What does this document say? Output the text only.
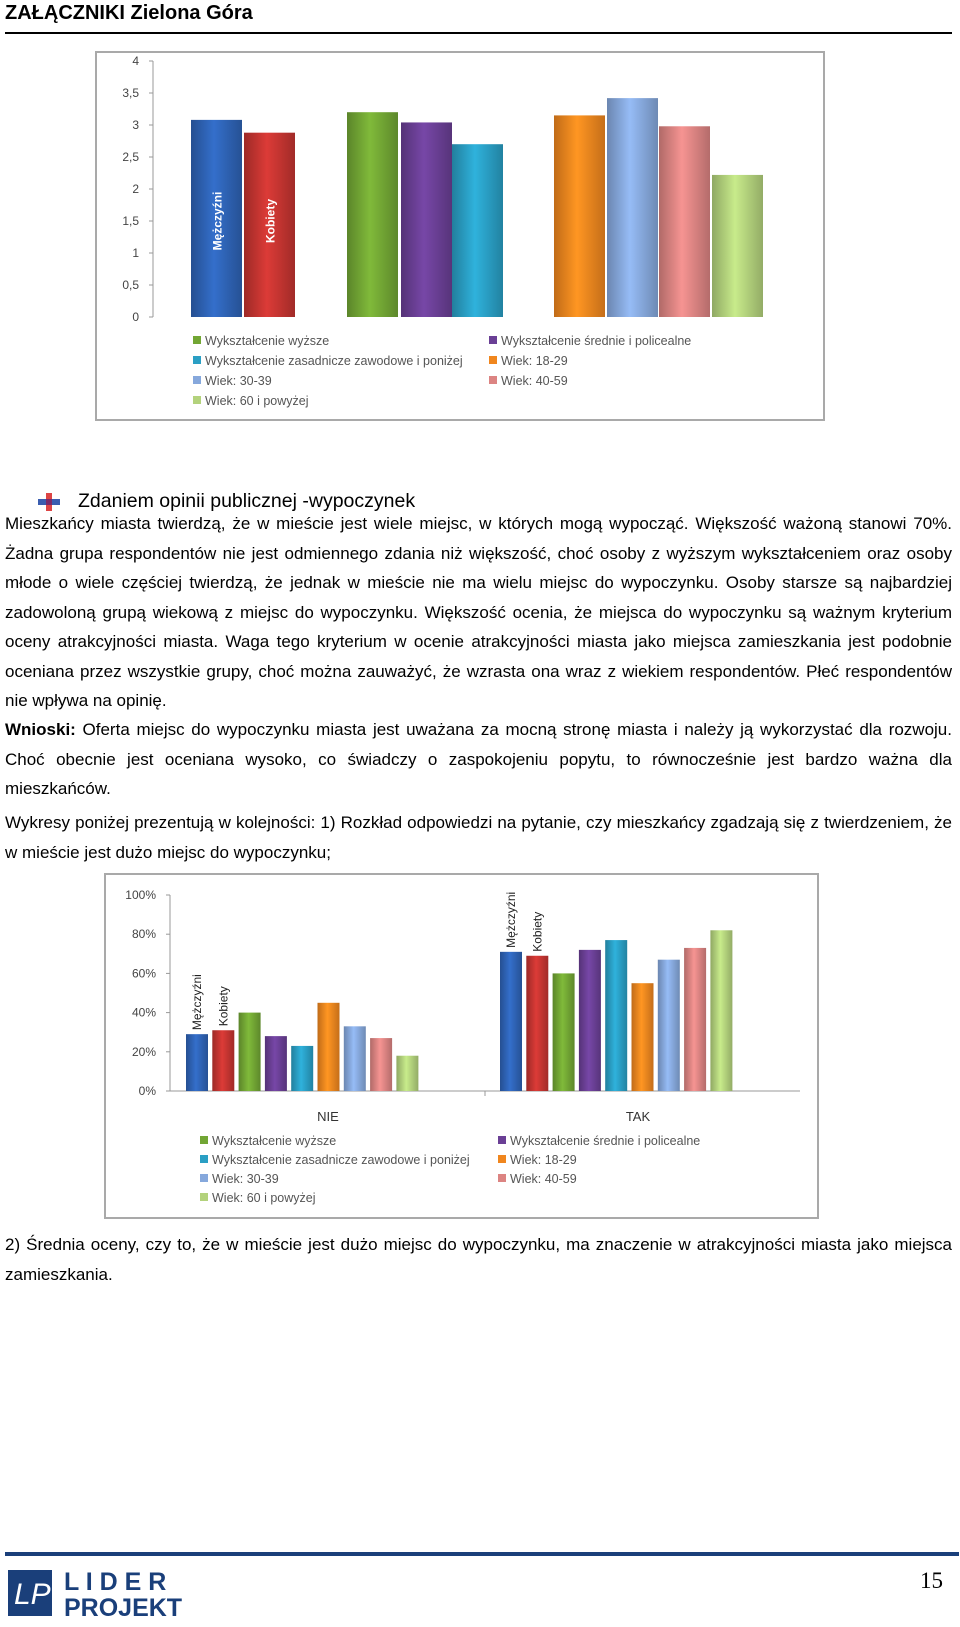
ZAŁĄCZNIKI Zielona Góra
0
0,5
1
1,5
2
2,5
3
3,5
4
Mężczyźni	Kobiety
Wykształcenie wyższe	Wykształcenie średnie i policealne
Wykształcenie zasadnicze zawodowe i poniżej	Wiek: 18-29
Wiek: 30-39	Wiek: 40-59
Wiek: 60 i powyżej
Zdaniem opinii publicznej -wypoczynek
Mieszkańcy miasta twierdzą, że w mieście jest wiele miejsc, w których mogą wypocząć. Większość ważoną stanowi 70%. Żadna grupa respondentów nie jest odmiennego zdania niż większość, choć osoby z wyższym wykształceniem oraz osoby młode o wiele częściej twierdzą, że jednak w mieście nie ma wielu miejsc do wypoczynku. Osoby starsze są najbardziej zadowoloną grupą wiekową z miejsc do wypoczynku. Większość ocenia, że miejsca do wypoczynku są ważnym kryterium oceny atrakcyjności miasta. Waga tego kryterium w ocenie atrakcyjności miasta jako miejsca zamieszkania jest podobnie oceniana przez wszystkie grupy, choć można zauważyć, że wzrasta ona wraz z wiekiem respondentów. Płeć respondentów nie wpływa na opinię.
Wnioski: Oferta miejsc do wypoczynku miasta jest uważana za mocną stronę miasta i należy ją wykorzystać dla rozwoju. Choć obecnie jest oceniana wysoko, co świadczy o zaspokojeniu popytu, to równocześnie jest bardzo ważna dla mieszkańców.
Wykresy poniżej prezentują w kolejności: 1) Rozkład odpowiedzi na pytanie, czy mieszkańcy zgadzają się z twierdzeniem, że w mieście jest dużo miejsc do wypoczynku;
0%
20%
40%
60%
80%
100%
Mężczyźni Kobiety
Mężczyźni Kobiety
NIE	TAK
Wykształcenie wyższe	Wykształcenie średnie i policealne
Wykształcenie zasadnicze zawodowe i poniżej	Wiek: 18-29
Wiek: 30-39	Wiek: 40-59
Wiek: 60 i powyżej
2) Średnia oceny, czy to, że w mieście jest dużo miejsc do wypoczynku, ma znaczenie w atrakcyjności miasta jako miejsca zamieszkania.
LP L I D E R
PROJEKT
15
